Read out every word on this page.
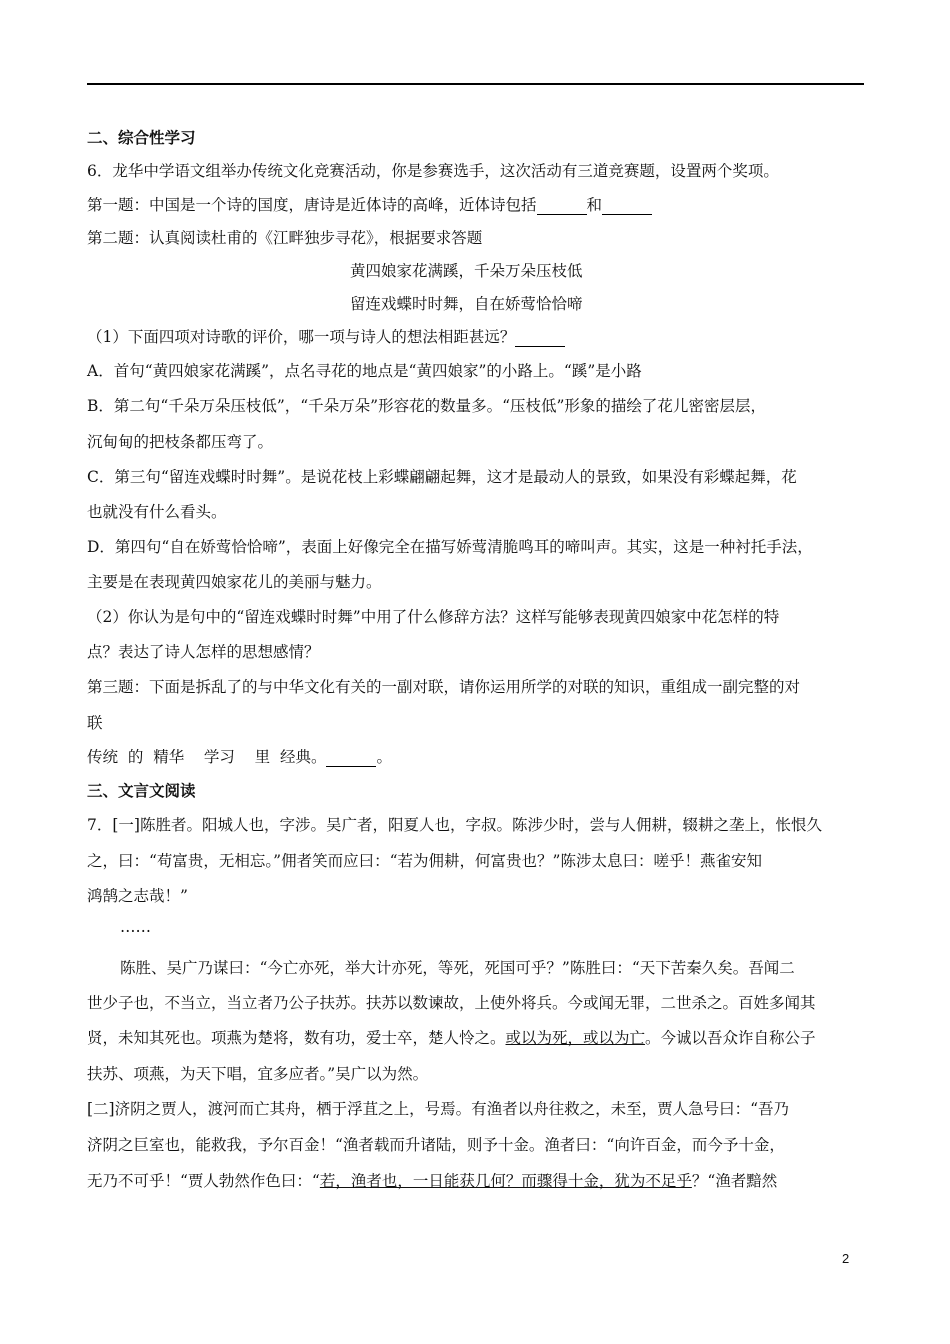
二、综合性学习
6．龙华中学语文组举办传统文化竞赛活动，你是参赛选手，这次活动有三道竞赛题，设置两个奖项。
第一题：中国是一个诗的国度，唐诗是近体诗的高峰，近体诗包括	和
第二题：认真阅读杜甫的《江畔独步寻花》，根据要求答题
黄四娘家花满蹊，千朵万朵压枝低
留连戏蝶时时舞，自在娇莺恰恰啼
（1）下面四项对诗歌的评价，哪一项与诗人的想法相距甚远？
A．首句“黄四娘家花满蹊”，点名寻花的地点是“黄四娘家”的小路上。“蹊”是小路
B．第二句“千朵万朵压枝低”，“千朵万朵”形容花的数量多。“压枝低”形象的描绘了花儿密密层层，
沉甸甸的把枝条都压弯了。
C．第三句“留连戏蝶时时舞”。是说花枝上彩蝶翩翩起舞，这才是最动人的景致，如果没有彩蝶起舞，花
也就没有什么看头。
D．第四句“自在娇莺恰恰啼”，表面上好像完全在描写娇莺清脆鸣耳的啼叫声。其实，这是一种衬托手法，
主要是在表现黄四娘家花儿的美丽与魅力。
（2）你认为是句中的“留连戏蝶时时舞”中用了什么修辞方法？这样写能够表现黄四娘家中花怎样的特
点？表达了诗人怎样的思想感情？
第三题：下面是拆乱了的与中华文化有关的一副对联，请你运用所学的对联的知识，重组成一副完整的对
联
传统  的  精华    学习    里  经典。	。
三、文言文阅读
7．[一]陈胜者。阳城人也，字涉。吴广者，阳夏人也，字叔。陈涉少时，尝与人佣耕，辍耕之垄上，怅恨久
之，曰：“苟富贵，无相忘。”佣者笑而应曰：“若为佣耕，何富贵也？”陈涉太息曰：嗟乎！燕雀安知
鸿鹄之志哉！”
……
陈胜、吴广乃谋曰：“今亡亦死，举大计亦死，等死，死国可乎？”陈胜曰：“天下苦秦久矣。吾闻二
世少子也，不当立，当立者乃公子扶苏。扶苏以数谏故，上使外将兵。今或闻无罪，二世杀之。百姓多闻其
贤，未知其死也。项燕为楚将，数有功，爱士卒，楚人怜之。或以为死，或以为亡。今诚以吾众诈自称公子
扶苏、项燕，为天下唱，宜多应者。”吴广以为然。
[二]济阴之贾人，渡河而亡其舟，栖于浮苴之上，号焉。有渔者以舟往救之，未至，贾人急号曰：“吾乃
济阴之巨室也，能救我，予尔百金！“渔者载而升诸陆，则予十金。渔者曰：“向许百金，而今予十金，
无乃不可乎！“贾人勃然作色曰：“若，渔者也，一日能获几何？而骤得十金，犹为不足乎？“渔者黯然
2
